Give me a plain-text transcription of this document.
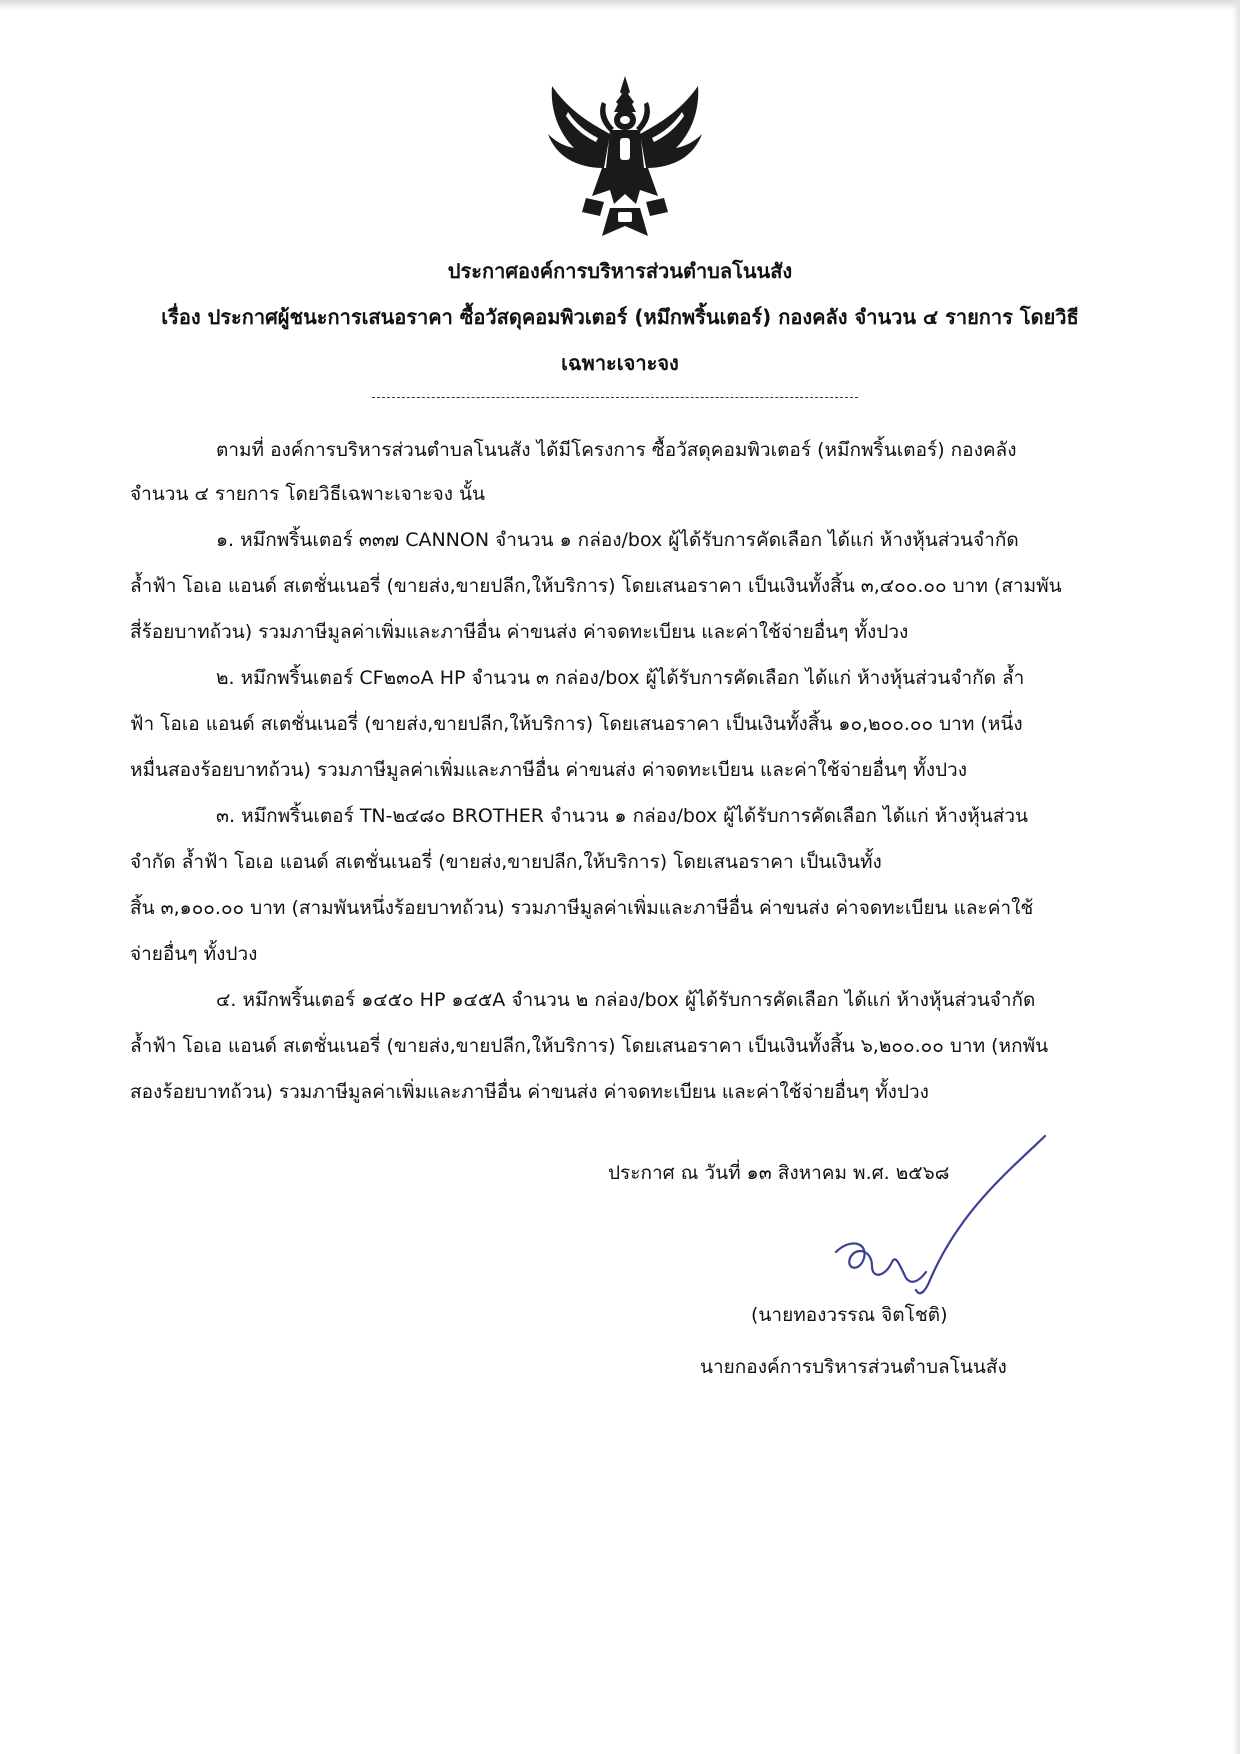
ประกาศองค์การบริหารส่วนตำบลโนนสัง
เรื่อง ประกาศผู้ชนะการเสนอราคา ซื้อวัสดุคอมพิวเตอร์ (หมึกพริ้นเตอร์) กองคลัง จำนวน ๔ รายการ โดยวิธี
เฉพาะเจาะจง
ตามที่ องค์การบริหารส่วนตำบลโนนสัง ได้มีโครงการ ซื้อวัสดุคอมพิวเตอร์ (หมึกพริ้นเตอร์) กองคลัง
จำนวน ๔ รายการ โดยวิธีเฉพาะเจาะจง นั้น
๑. หมึกพริ้นเตอร์ ๓๓๗ CANNON จำนวน ๑ กล่อง/box ผู้ได้รับการคัดเลือก ได้แก่ ห้างหุ้นส่วนจำกัด
ล้ำฟ้า โอเอ แอนด์ สเตชั่นเนอรี่ (ขายส่ง,ขายปลีก,ให้บริการ) โดยเสนอราคา เป็นเงินทั้งสิ้น ๓,๔๐๐.๐๐ บาท (สามพัน
สี่ร้อยบาทถ้วน) รวมภาษีมูลค่าเพิ่มและภาษีอื่น ค่าขนส่ง ค่าจดทะเบียน และค่าใช้จ่ายอื่นๆ ทั้งปวง
๒. หมึกพริ้นเตอร์ CF๒๓๐A HP จำนวน ๓ กล่อง/box ผู้ได้รับการคัดเลือก ได้แก่ ห้างหุ้นส่วนจำกัด ล้ำ
ฟ้า โอเอ แอนด์ สเตชั่นเนอรี่ (ขายส่ง,ขายปลีก,ให้บริการ) โดยเสนอราคา เป็นเงินทั้งสิ้น ๑๐,๒๐๐.๐๐ บาท (หนึ่ง
หมื่นสองร้อยบาทถ้วน) รวมภาษีมูลค่าเพิ่มและภาษีอื่น ค่าขนส่ง ค่าจดทะเบียน และค่าใช้จ่ายอื่นๆ ทั้งปวง
๓. หมึกพริ้นเตอร์ TN-๒๔๘๐ BROTHER จำนวน ๑ กล่อง/box ผู้ได้รับการคัดเลือก ได้แก่ ห้างหุ้นส่วน
จำกัด ล้ำฟ้า โอเอ แอนด์ สเตชั่นเนอรี่ (ขายส่ง,ขายปลีก,ให้บริการ) โดยเสนอราคา เป็นเงินทั้ง
สิ้น ๓,๑๐๐.๐๐ บาท (สามพันหนึ่งร้อยบาทถ้วน) รวมภาษีมูลค่าเพิ่มและภาษีอื่น ค่าขนส่ง ค่าจดทะเบียน และค่าใช้
จ่ายอื่นๆ ทั้งปวง
๔. หมึกพริ้นเตอร์ ๑๔๕๐ HP ๑๔๕A จำนวน ๒ กล่อง/box ผู้ได้รับการคัดเลือก ได้แก่ ห้างหุ้นส่วนจำกัด
ล้ำฟ้า โอเอ แอนด์ สเตชั่นเนอรี่ (ขายส่ง,ขายปลีก,ให้บริการ) โดยเสนอราคา เป็นเงินทั้งสิ้น ๖,๒๐๐.๐๐ บาท (หกพัน
สองร้อยบาทถ้วน) รวมภาษีมูลค่าเพิ่มและภาษีอื่น ค่าขนส่ง ค่าจดทะเบียน และค่าใช้จ่ายอื่นๆ ทั้งปวง
ประกาศ ณ วันที่ ๑๓ สิงหาคม พ.ศ. ๒๕๖๘
(นายทองวรรณ จิตโชติ)
นายกองค์การบริหารส่วนตำบลโนนสัง
